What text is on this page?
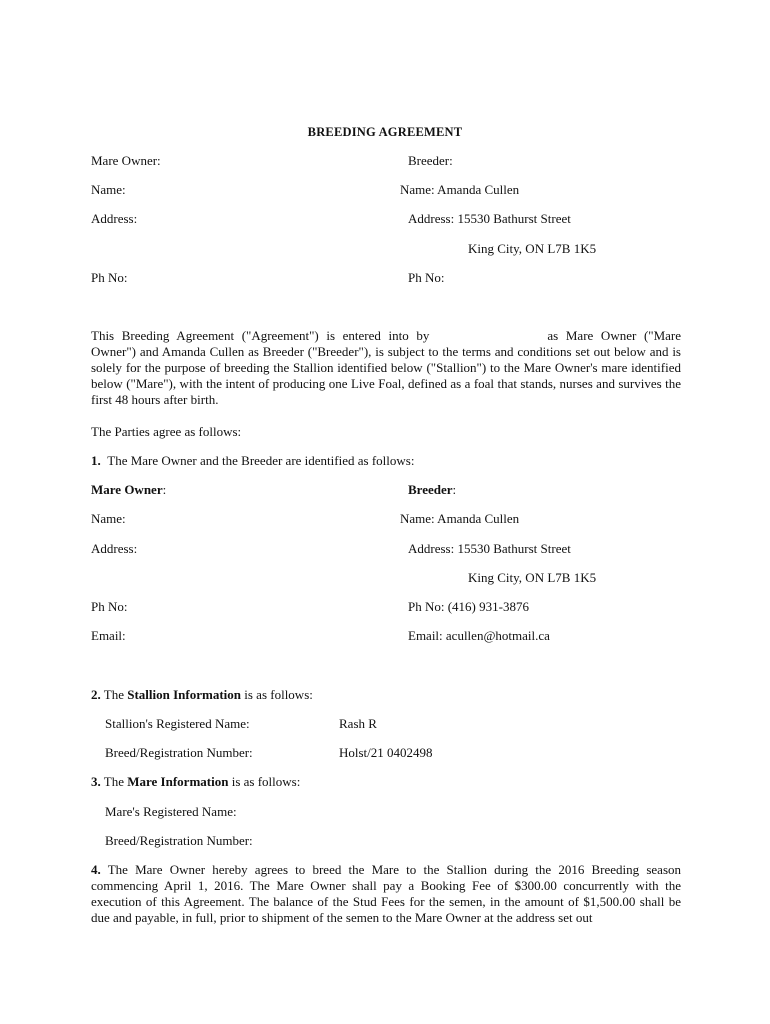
BREEDING AGREEMENT
Mare Owner:	Breeder:
Name:	Name: Amanda Cullen
Address:	Address: 15530 Bathurst Street
King City, ON L7B 1K5
Ph No:	Ph No:
This Breeding Agreement ("Agreement") is entered into by	as Mare Owner ("Mare Owner") and Amanda Cullen as Breeder ("Breeder"), is subject to the terms and conditions set out below and is solely for the purpose of breeding the Stallion identified below ("Stallion") to the Mare Owner's mare identified below ("Mare"), with the intent of producing one Live Foal, defined as a foal that stands, nurses and survives the first 48 hours after birth.
The Parties agree as follows:
1. The Mare Owner and the Breeder are identified as follows:
Mare Owner:	Breeder:
Name:	Name: Amanda Cullen
Address:	Address: 15530 Bathurst Street
King City, ON L7B 1K5
Ph No:	Ph No: (416) 931-3876
Email:	Email: acullen@hotmail.ca
2. The Stallion Information is as follows:
Stallion's Registered Name:	Rash R
Breed/Registration Number:	Holst/21 0402498
3. The Mare Information is as follows:
Mare's Registered Name:
Breed/Registration Number:
4. The Mare Owner hereby agrees to breed the Mare to the Stallion during the 2016 Breeding season commencing April 1, 2016. The Mare Owner shall pay a Booking Fee of $300.00 concurrently with the execution of this Agreement. The balance of the Stud Fees for the semen, in the amount of $1,500.00 shall be due and payable, in full, prior to shipment of the semen to the Mare Owner at the address set out
